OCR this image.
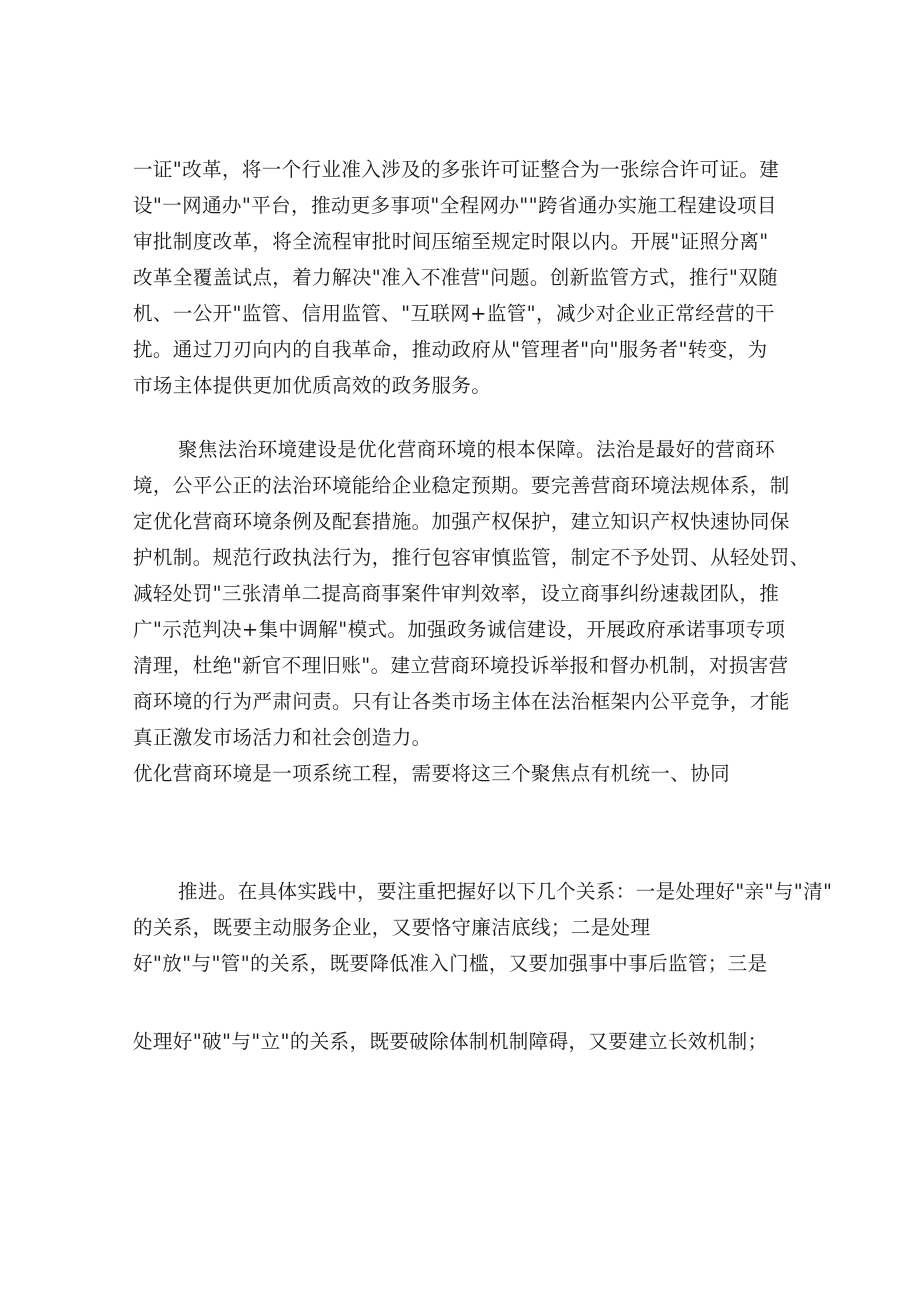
一证"改革，将一个行业准入涉及的多张许可证整合为一张综合许可证。建
设"一网通办"平台，推动更多事项"全程网办""跨省通办实施工程建设项目
审批制度改革，将全流程审批时间压缩至规定时限以内。开展"证照分离"
改革全覆盖试点，着力解决"准入不准营"问题。创新监管方式，推行"双随
机、一公开"监管、信用监管、"互联网+监管"，减少对企业正常经营的干
扰。通过刀刃向内的自我革命，推动政府从"管理者"向"服务者"转变，为
市场主体提供更加优质高效的政务服务。
聚焦法治环境建设是优化营商环境的根本保障。法治是最好的营商环
境，公平公正的法治环境能给企业稳定预期。要完善营商环境法规体系，制
定优化营商环境条例及配套措施。加强产权保护，建立知识产权快速协同保
护机制。规范行政执法行为，推行包容审慎监管，制定不予处罚、从轻处罚、
减轻处罚"三张清单二提高商事案件审判效率，设立商事纠纷速裁团队，推
广"示范判决+集中调解"模式。加强政务诚信建设，开展政府承诺事项专项
清理，杜绝"新官不理旧账"。建立营商环境投诉举报和督办机制，对损害营
商环境的行为严肃问责。只有让各类市场主体在法治框架内公平竞争，才能
真正激发市场活力和社会创造力。
优化营商环境是一项系统工程，需要将这三个聚焦点有机统一、协同
推进。在具体实践中，要注重把握好以下几个关系：一是处理好"亲"与"清"
的关系，既要主动服务企业，又要恪守廉洁底线；二是处理
好"放"与"管"的关系，既要降低准入门槛，又要加强事中事后监管；三是
处理好"破"与"立"的关系，既要破除体制机制障碍，又要建立长效机制；
